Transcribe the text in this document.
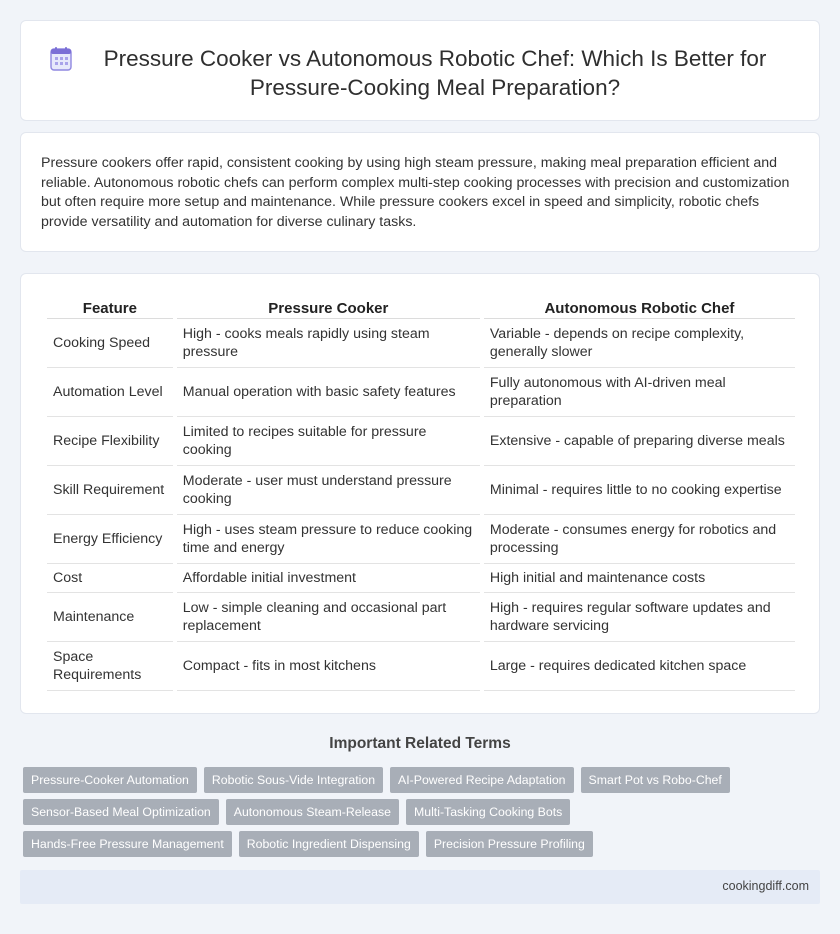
Pressure Cooker vs Autonomous Robotic Chef: Which Is Better for Pressure-Cooking Meal Preparation?

Pressure cookers offer rapid, consistent cooking by using high steam pressure, making meal preparation efficient and reliable. Autonomous robotic chefs can perform complex multi-step cooking processes with precision and customization but often require more setup and maintenance. While pressure cookers excel in speed and simplicity, robotic chefs provide versatility and automation for diverse culinary tasks.

Feature	Pressure Cooker	Autonomous Robotic Chef
Cooking Speed	High - cooks meals rapidly using steam pressure	Variable - depends on recipe complexity, generally slower
Automation Level	Manual operation with basic safety features	Fully autonomous with AI-driven meal preparation
Recipe Flexibility	Limited to recipes suitable for pressure cooking	Extensive - capable of preparing diverse meals
Skill Requirement	Moderate - user must understand pressure cooking	Minimal - requires little to no cooking expertise
Energy Efficiency	High - uses steam pressure to reduce cooking time and energy	Moderate - consumes energy for robotics and processing
Cost	Affordable initial investment	High initial and maintenance costs
Maintenance	Low - simple cleaning and occasional part replacement	High - requires regular software updates and hardware servicing
Space Requirements	Compact - fits in most kitchens	Large - requires dedicated kitchen space
Important Related Terms
Pressure-Cooker Automation	Robotic Sous-Vide Integration	AI-Powered Recipe Adaptation	Smart Pot vs Robo-Chef
Sensor-Based Meal Optimization	Autonomous Steam-Release	Multi-Tasking Cooking Bots
Hands-Free Pressure Management	Robotic Ingredient Dispensing	Precision Pressure Profiling
cookingdiff.com
